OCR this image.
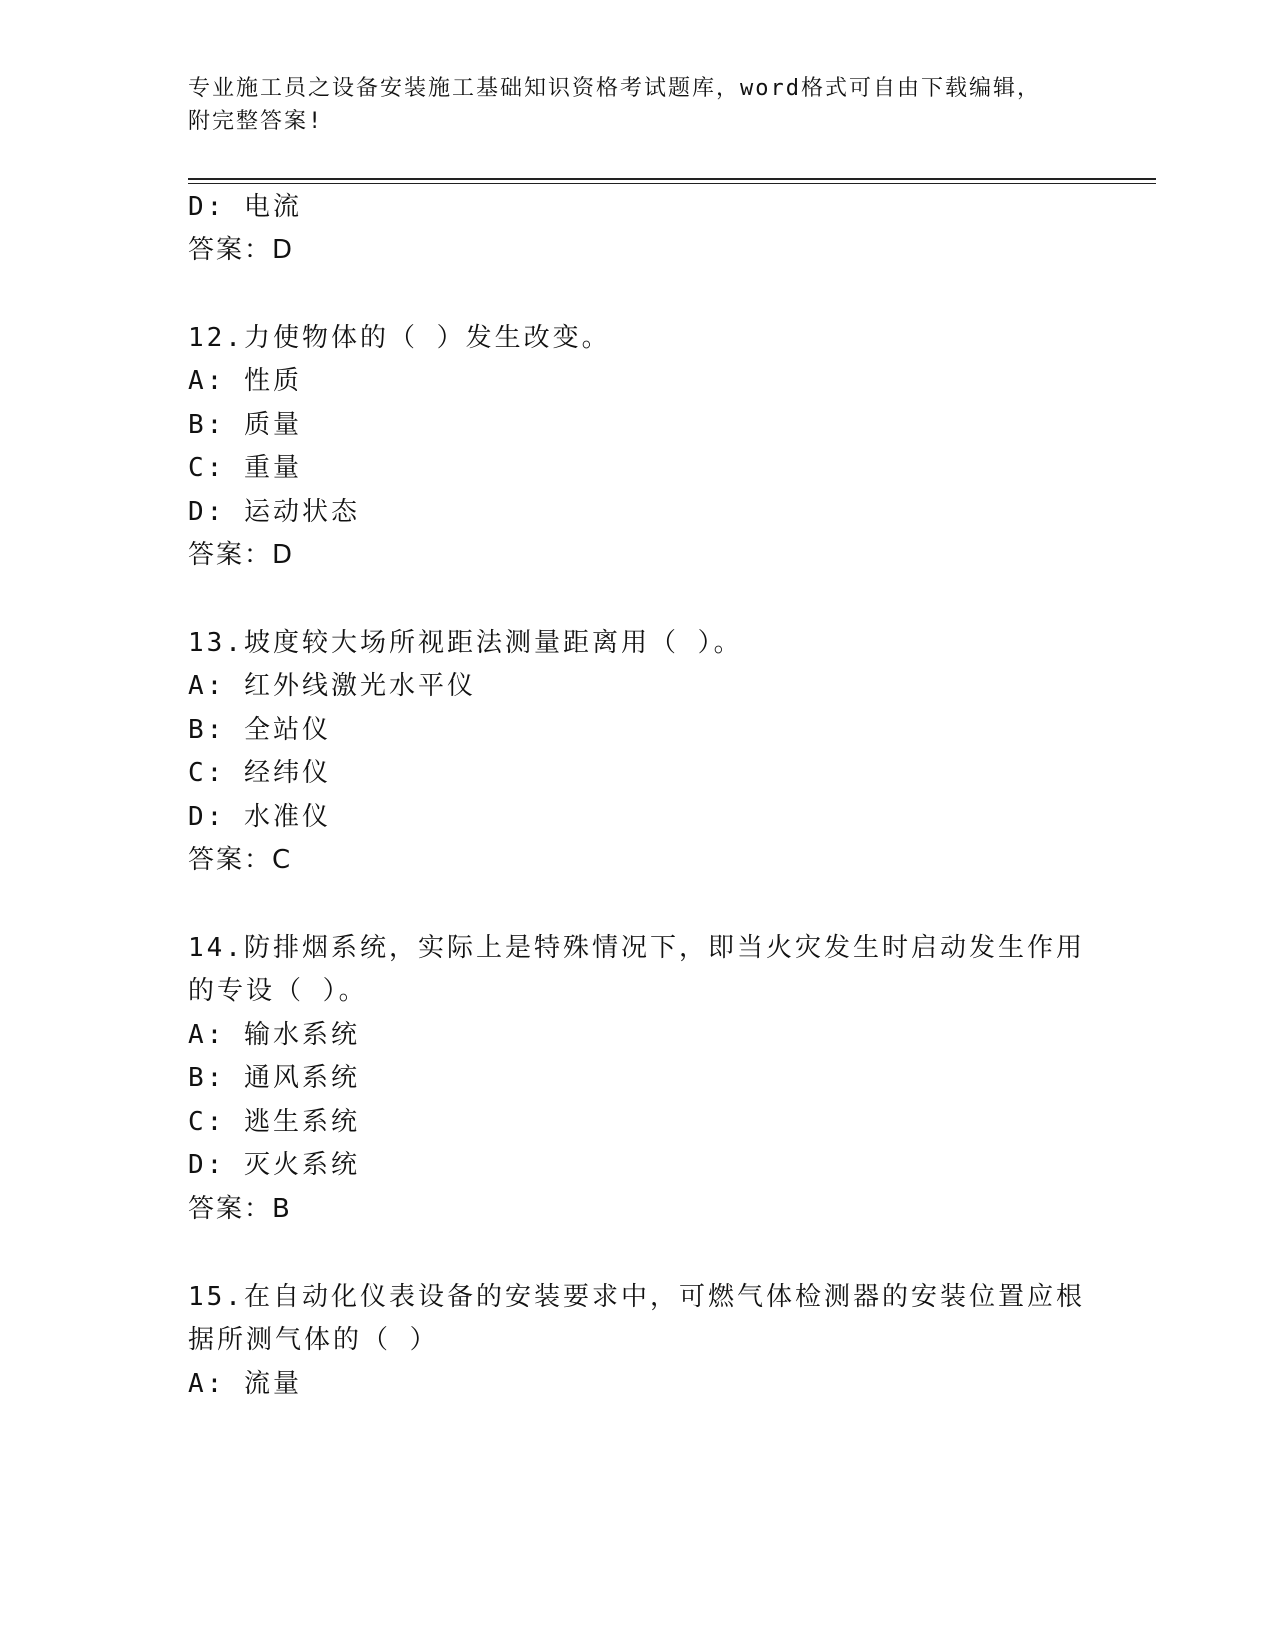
专业施工员之设备安装施工基础知识资格考试题库，word格式可自由下载编辑，
附完整答案!
D: 电流
答案：D
12.力使物体的（ ）发生改变。
A: 性质
B: 质量
C: 重量
D: 运动状态
答案：D
13.坡度较大场所视距法测量距离用（ ）。
A: 红外线激光水平仪
B: 全站仪
C: 经纬仪
D: 水准仪
答案：C
14.防排烟系统，实际上是特殊情况下，即当火灾发生时启动发生作用
的专设（ ）。
A: 输水系统
B: 通风系统
C: 逃生系统
D: 灭火系统
答案：B
15.在自动化仪表设备的安装要求中，可燃气体检测器的安装位置应根
据所测气体的（ ）
A: 流量
